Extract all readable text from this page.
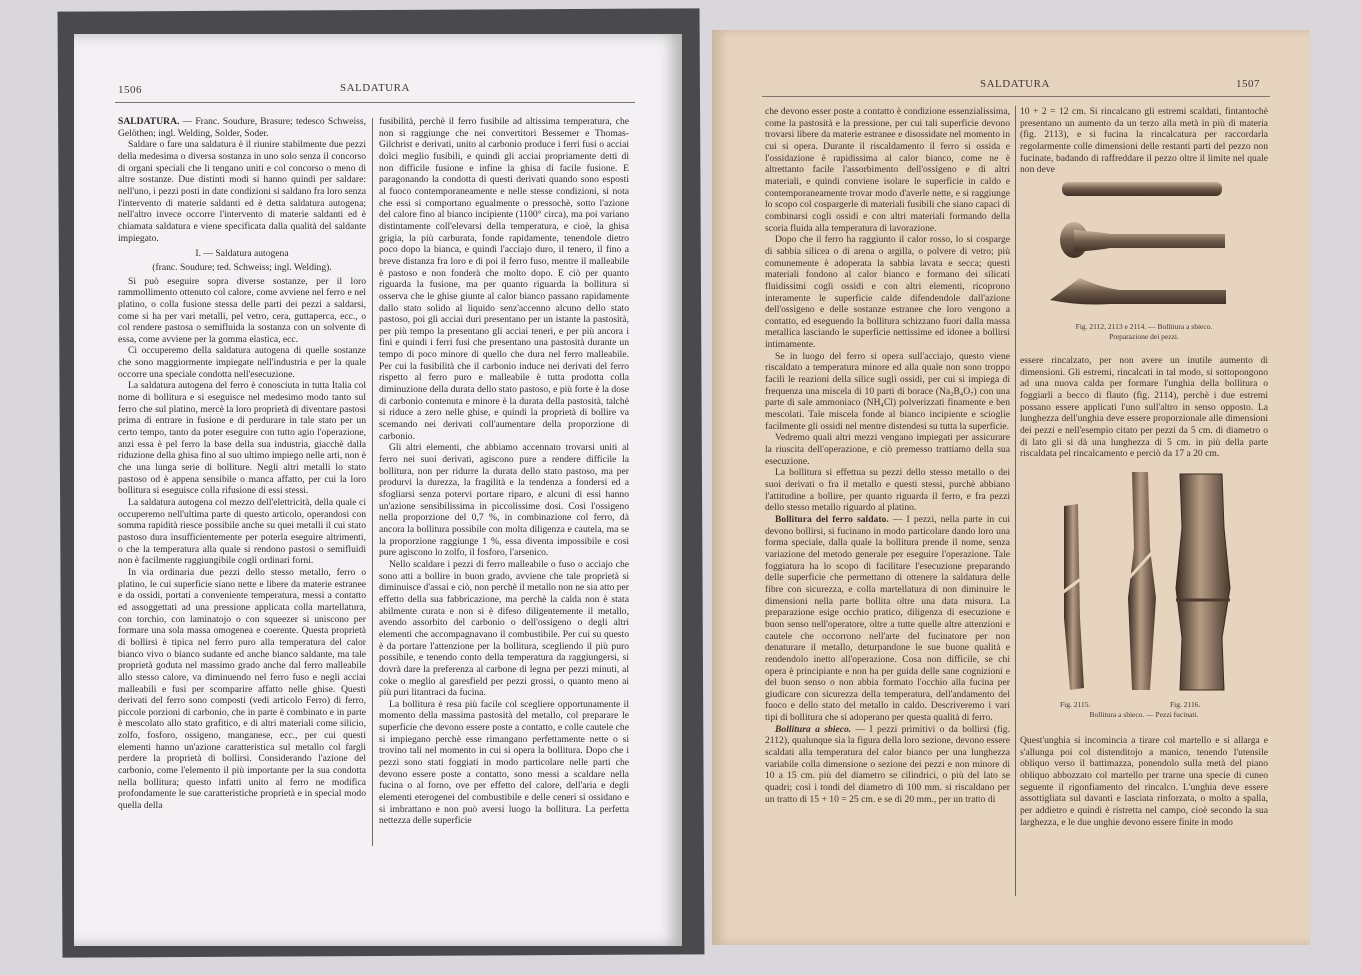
1506	SALDATURA

SALDATURA. — Franc. Soudure, Brasure; tedesco Schweiss, Gelöthen; ingl. Welding, Solder, Soder.

Saldare o fare una saldatura è il riunire stabilmente due pezzi della medesima o diversa sostanza in uno solo senza il concorso di organi speciali che li tengano uniti e col concorso o meno di altre sostanze. Due distinti modi si hanno quindi per saldare: nell'uno, i pezzi posti in date condizioni si saldano fra loro senza l'intervento di materie saldanti ed è detta saldatura autogena; nell'altro invece occorre l'intervento di materie saldanti ed è chiamata saldatura e viene specificata dalla qualità del saldante impiegato.

I. — Saldatura autogena

(franc. Soudure; ted. Schweiss; ingl. Welding).

Si può eseguire sopra diverse sostanze, per il loro rammollimento ottenuto col calore, come avviene nel ferro e nel platino, o colla fusione stessa delle parti dei pezzi a saldarsi, come si ha per vari metalli, pel vetro, cera, guttaperca, ecc., o col rendere pastosa o semifluida la sostanza con un solvente di essa, come avviene per la gomma elastica, ecc.

Ci occuperemo della saldatura autogena di quelle sostanze che sono maggiormente impiegate nell'industria e per la quale occorre una speciale condotta nell'esecuzione.

La saldatura autogena del ferro è conosciuta in tutta Italia col nome di bollitura e si eseguisce nel medesimo modo tanto sul ferro che sul platino, mercè la loro proprietà di diventare pastosi prima di entrare in fusione e di perdurare in tale stato per un certo tempo, tanto da poter eseguire con tutto agio l'operazione, anzi essa è pel ferro la base della sua industria, giacchè dalla riduzione della ghisa fino al suo ultimo impiego nelle arti, non è che una lunga serie di bolliture. Negli altri metalli lo stato pastoso od è appena sensibile o manca affatto, per cui la loro bollitura si eseguisce colla rifusione di essi stessi.

La saldatura autogena col mezzo dell'elettricità, della quale ci occuperemo nell'ultima parte di questo articolo, operandosi con somma rapidità riesce possibile anche su quei metalli il cui stato pastoso dura insufficientemente per poterla eseguire altrimenti, o che la temperatura alla quale si rendono pastosi o semifluidi non è facilmente raggiungibile cogli ordinari forni.

In via ordinaria due pezzi dello stesso metallo, ferro o platino, le cui superficie siano nette e libere da materie estranee e da ossidi, portati a conveniente temperatura, messi a contatto ed assoggettati ad una pressione applicata colla martellatura, con torchio, con laminatojo o con squeezer si uniscono per formare una sola massa omogenea e coerente. Questa proprietà di bollirsi è tipica nel ferro puro alla temperatura del calor bianco vivo o bianco sudante ed anche bianco saldante, ma tale proprietà goduta nel massimo grado anche dal ferro malleabile allo stesso calore, va diminuendo nel ferro fuso e negli acciai malleabili e fusi per scomparire affatto nelle ghise. Questi derivati del ferro sono composti (vedi articolo Ferro) di ferro, piccole porzioni di carbonio, che in parte è combinato e in parte è mescolato allo stato grafitico, e di altri materiali come silicio, zolfo, fosforo, ossigeno, manganese, ecc., per cui questi elementi hanno un'azione caratteristica sul metallo col fargli perdere la proprietà di bollirsi. Considerando l'azione del carbonio, come l'elemento il più importante per la sua condotta nella bollitura; questo infatti unito al ferro ne modifica profondamente le sue caratteristiche proprietà e in special modo quella della

fusibilità, perchè il ferro fusibile ad altissima temperatura, che non si raggiunge che nei convertitori Bessemer e Thomas-Gilchrist e derivati, unito al carbonio produce i ferri fusi o acciai dolci meglio fusibili, e quindi gli acciai propriamente detti di non difficile fusione e infine la ghisa di facile fusione. E paragonando la condotta di questi derivati quando sono esposti al fuoco contemporaneamente e nelle stesse condizioni, si nota che essi si comportano egualmente o pressochè, sotto l'azione del calore fino al bianco incipiente (1100° circa), ma poi variano distintamente coll'elevarsi della temperatura, e cioè, la ghisa grigia, la più carburata, fonde rapidamente, tenendole dietro poco dopo la bianca, e quindi l'acciajo duro, il tenero, il fino a breve distanza fra loro e di poi il ferro fuso, mentre il malleabile è pastoso e non fonderà che molto dopo. E ciò per quanto riguarda la fusione, ma per quanto riguarda la bollitura si osserva che le ghise giunte al calor bianco passano rapidamente dallo stato solido al liquido senz'accenno alcuno dello stato pastoso, poi gli acciai duri presentano per un istante la pastosità, per più tempo la presentano gli acciai teneri, e per più ancora i fini e quindi i ferri fusi che presentano una pastosità durante un tempo di poco minore di quello che dura nel ferro malleabile. Per cui la fusibilità che il carbonio induce nei derivati del ferro rispetto al ferro puro e malleabile è tutta prodotta colla diminuzione della durata dello stato pastoso, e più forte è la dose di carbonio contenuta e minore è la durata della pastosità, talchè si riduce a zero nelle ghise, e quindi la proprietà di bollire va scemando nei derivati coll'aumentare della proporzione di carbonio.

Gli altri elementi, che abbiamo accennato trovarsi uniti al ferro nei suoi derivati, agiscono pure a rendere difficile la bollitura, non per ridurre la durata dello stato pastoso, ma per produrvi la durezza, la fragilità e la tendenza a fondersi ed a sfogliarsi senza potervi portare riparo, e alcuni di essi hanno un'azione sensibilissima in piccolissime dosi. Così l'ossigeno nella proporzione del 0,7 %, in combinazione col ferro, dà ancora la bollitura possibile con molta diligenza e cautela, ma se la proporzione raggiunge 1 %, essa diventa impossibile e così pure agiscono lo zolfo, il fosforo, l'arsenico.

Nello scaldare i pezzi di ferro malleabile o fuso o acciajo che sono atti a bollire in buon grado, avviene che tale proprietà si diminuisce d'assai e ciò, non perchè il metallo non ne sia atto per effetto della sua fabbricazione, ma perchè la calda non è stata abilmente curata e non si è difeso diligentemente il metallo, avendo assorbito del carbonio o dell'ossigeno o degli altri elementi che accompagnavano il combustibile. Per cui su questo è da portare l'attenzione per la bollitura, scegliendo il più puro possibile, e tenendo conto della temperatura da raggiungersi, si dovrà dare la preferenza al carbone di legna per pezzi minuti, al coke o meglio al garesfield per pezzi grossi, o quanto meno ai più puri litantraci da fucina.

La bollitura è resa più facile col scegliere opportunamente il momento della massima pastosità del metallo, col preparare le superficie che devono essere poste a contatto, e colle cautele che si impiegano perchè esse rimangano perfettamente nette o si trovino tali nel momento in cui si opera la bollitura. Dopo che i pezzi sono stati foggiati in modo particolare nelle parti che devono essere poste a contatto, sono messi a scaldare nella fucina o al forno, ove per effetto del calore, dell'aria e degli elementi eterogenei del combustibile e delle ceneri si ossidano e si imbrattano e non può aversi luogo la bollitura. La perfetta nettezza delle superficie

SALDATURA	1507

che devono esser poste a contatto è condizione essenzialissima, come la pastosità e la pressione, per cui tali superficie devono trovarsi libere da materie estranee e disossidate nel momento in cui si opera. Durante il riscaldamento il ferro si ossida e l'ossidazione è rapidissima al calor bianco, come ne è altrettanto facile l'assorbimento dell'ossigeno e di altri materiali, e quindi conviene isolare le superficie in caldo e contemporaneamente trovar modo d'averle nette, e si raggiunge lo scopo col cospargerle di materiali fusibili che siano capaci di combinarsi cogli ossidi e con altri materiali formando della scoria fluida alla temperatura di lavorazione.

Dopo che il ferro ha raggiunto il calor rosso, lo si cosparge di sabbia silicea o di arena o argilla, o polvere di vetro; più comunemente è adoperata la sabbia lavata e secca; questi materiali fondono al calor bianco e formano dei silicati fluidissimi cogli ossidi e con altri elementi, ricoprono interamente le superficie calde difendendole dall'azione dell'ossigeno e delle sostanze estranee che loro vengono a contatto, ed eseguendo la bollitura schizzano fuori dalla massa metallica lasciando le superficie nettissime ed idonee a bollirsi intimamente.

Se in luogo del ferro si opera sull'acciajo, questo viene riscaldato a temperatura minore ed alla quale non sono troppo facili le reazioni della silice sugli ossidi, per cui si impiega di frequenza una miscela di 10 parti di borace (Na₂B₄O₇) con una parte di sale ammoniaco (NH₄Cl) polverizzati finamente e ben mescolati. Tale miscela fonde al bianco incipiente e scioglie facilmente gli ossidi nel mentre distendesi su tutta la superficie.

Vedremo quali altri mezzi vengano impiegati per assicurare la riuscita dell'operazione, e ciò premesso trattiamo della sua esecuzione.

La bollitura si effettua su pezzi dello stesso metallo o dei suoi derivati o fra il metallo e questi stessi, purchè abbiano l'attitudine a bollire, per quanto riguarda il ferro, e fra pezzi dello stesso metallo riguardo al platino.

Bollitura del ferro saldato. — I pezzi, nella parte in cui devono bollirsi, si fucinano in modo particolare dando loro una forma speciale, dalla quale la bollitura prende il nome, senza variazione del metodo generale per eseguire l'operazione. Tale foggiatura ha lo scopo di facilitare l'esecuzione preparando delle superficie che permettano di ottenere la saldatura delle fibre con sicurezza, e colla martellatura di non diminuire le dimensioni nella parte bollita oltre una data misura. La preparazione esige occhio pratico, diligenza di esecuzione e buon senso nell'operatore, oltre a tutte quelle altre attenzioni e cautele che occorrono nell'arte del fucinatore per non denaturare il metallo, deturpandone le sue buone qualità e rendendolo inetto all'operazione. Cosa non difficile, se chi opera è principiante e non ha per guida delle sane cognizioni e del buon senso o non abbia formato l'occhio alla fucina per giudicare con sicurezza della temperatura, dell'andamento del fuoco e dello stato del metallo in caldo. Descriveremo i vari tipi di bollitura che si adoperano per questa qualità di ferro.

Bollitura a sbieco. — I pezzi primitivi o da bollirsi (fig. 2112), qualunque sia la figura della loro sezione, devono essere scaldati alla temperatura del calor bianco per una lunghezza variabile colla dimensione o sezione dei pezzi e non minore di 10 a 15 cm. più del diametro se cilindrici, o più del lato se quadri; così i tondi del diametro di 100 mm. si riscaldano per un tratto di 15 + 10 = 25 cm. e se di 20 mm., per un tratto di

10 + 2 = 12 cm. Si rincalcano gli estremi scaldati, fintantochè presentano un aumento da un terzo alla metà in più di materia (fig. 2113), e si fucina la rincalcatura per raccordarla regolarmente colle dimensioni delle restanti parti del pezzo non fucinate, badando di raffreddare il pezzo oltre il limite nel quale non deve

Fig. 2112, 2113 e 2114. — Bollitura a sbieco.
Preparazione dei pezzi.

essere rincalzato, per non avere un inutile aumento di dimensioni. Gli estremi, rincalcati in tal modo, si sottopongono ad una nuova calda per formare l'unghia della bollitura o foggiarli a becco di flauto (fig. 2114), perchè i due estremi possano essere applicati l'uno sull'altro in senso opposto. La lunghezza dell'unghia deve essere proporzionale alle dimensioni dei pezzi e nell'esempio citato per pezzi da 5 cm. di diametro o di lato gli si dà una lunghezza di 5 cm. in più della parte riscaldata pel rincalcamento e perciò da 17 a 20 cm.

Fig. 2115.	Fig. 2116.
Bollitura a sbieco. — Pezzi fucinati.

Quest'unghia si incomincia a tirare col martello e si allarga e s'allunga poi col distenditojo a manico, tenendo l'utensile obliquo verso il battimazza, ponendolo sulla metà del piano obliquo abbozzato col martello per trarne una specie di cuneo seguente il rigonfiamento del rincalco. L'unghia deve essere assottigliata sul davanti e lasciata rinforzata, o molto a spalla, per addietro e quindi è ristretta nel campo, cioè secondo la sua larghezza, e le due unghie devono essere finite in modo
